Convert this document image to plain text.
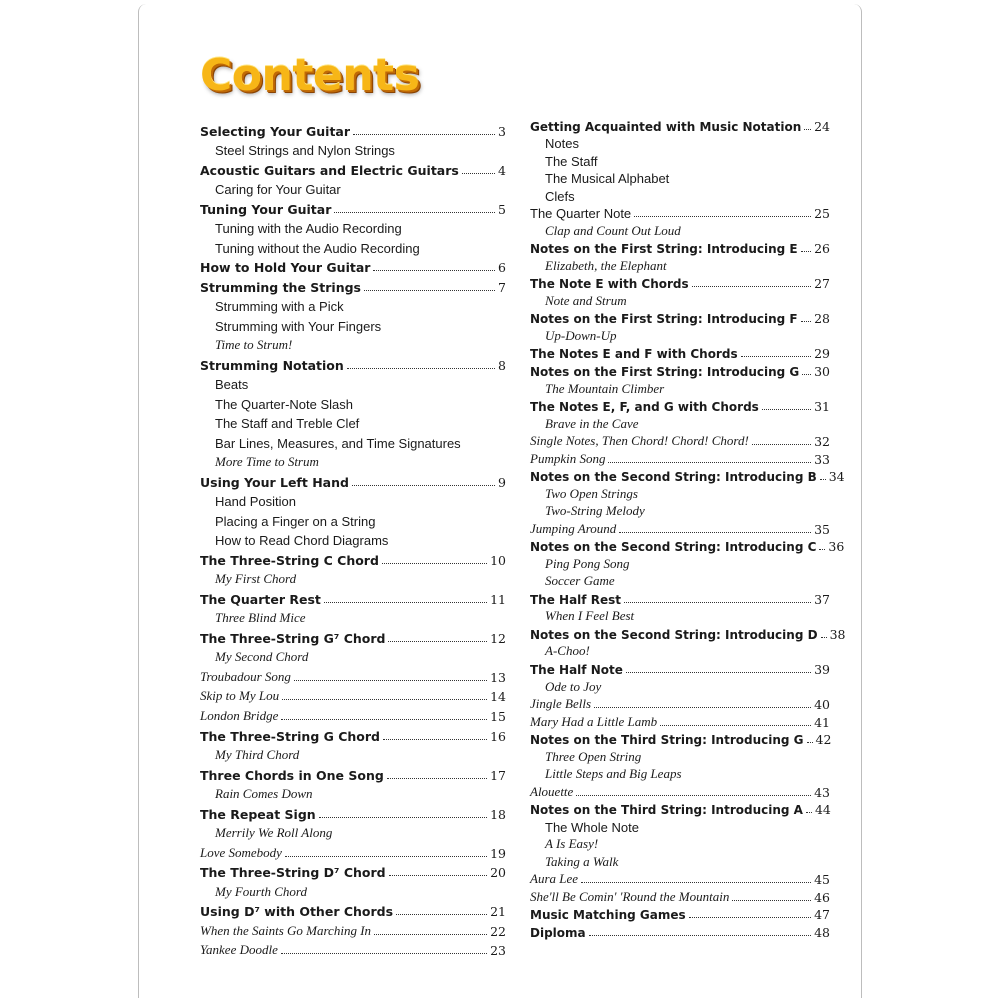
Contents
Selecting Your Guitar	3
Steel Strings and Nylon Strings
Acoustic Guitars and Electric Guitars	4
Caring for Your Guitar
Tuning Your Guitar	5
Tuning with the Audio Recording
Tuning without the Audio Recording
How to Hold Your Guitar	6
Strumming the Strings	7
Strumming with a Pick
Strumming with Your Fingers
Time to Strum!
Strumming Notation	8
Beats
The Quarter-Note Slash
The Staff and Treble Clef
Bar Lines, Measures, and Time Signatures
More Time to Strum
Using Your Left Hand	9
Hand Position
Placing a Finger on a String
How to Read Chord Diagrams
The Three-String C Chord	10
My First Chord
The Quarter Rest	11
Three Blind Mice
The Three-String G⁷ Chord	12
My Second Chord
Troubadour Song	13
Skip to My Lou	14
London Bridge	15
The Three-String G Chord	16
My Third Chord
Three Chords in One Song	17
Rain Comes Down
The Repeat Sign	18
Merrily We Roll Along
Love Somebody	19
The Three-String D⁷ Chord	20
My Fourth Chord
Using D⁷ with Other Chords	21
When the Saints Go Marching In	22
Yankee Doodle	23
Getting Acquainted with Music Notation 24
Notes
The Staff
The Musical Alphabet
Clefs
The Quarter Note	25
Clap and Count Out Loud
Notes on the First String: Introducing E 26
Elizabeth, the Elephant
The Note E with Chords	27
Note and Strum
Notes on the First String: Introducing F 28
Up-Down-Up
The Notes E and F with Chords	29
Notes on the First String: Introducing G 30
The Mountain Climber
The Notes E, F, and G with Chords	31
Brave in the Cave
Single Notes, Then Chord! Chord! Chord!	32
Pumpkin Song	33
Notes on the Second String: Introducing B 34
Two Open Strings
Two-String Melody
Jumping Around	35
Notes on the Second String: Introducing C 36
Ping Pong Song
Soccer Game
The Half Rest	37
When I Feel Best
Notes on the Second String: Introducing D 38
A-Choo!
The Half Note	39
Ode to Joy
Jingle Bells	40
Mary Had a Little Lamb	41
Notes on the Third String: Introducing G 42
Three Open String
Little Steps and Big Leaps
Alouette	43
Notes on the Third String: Introducing A 44
The Whole Note
A Is Easy!
Taking a Walk
Aura Lee	45
She'll Be Comin' 'Round the Mountain	46
Music Matching Games	47
Diploma	48
